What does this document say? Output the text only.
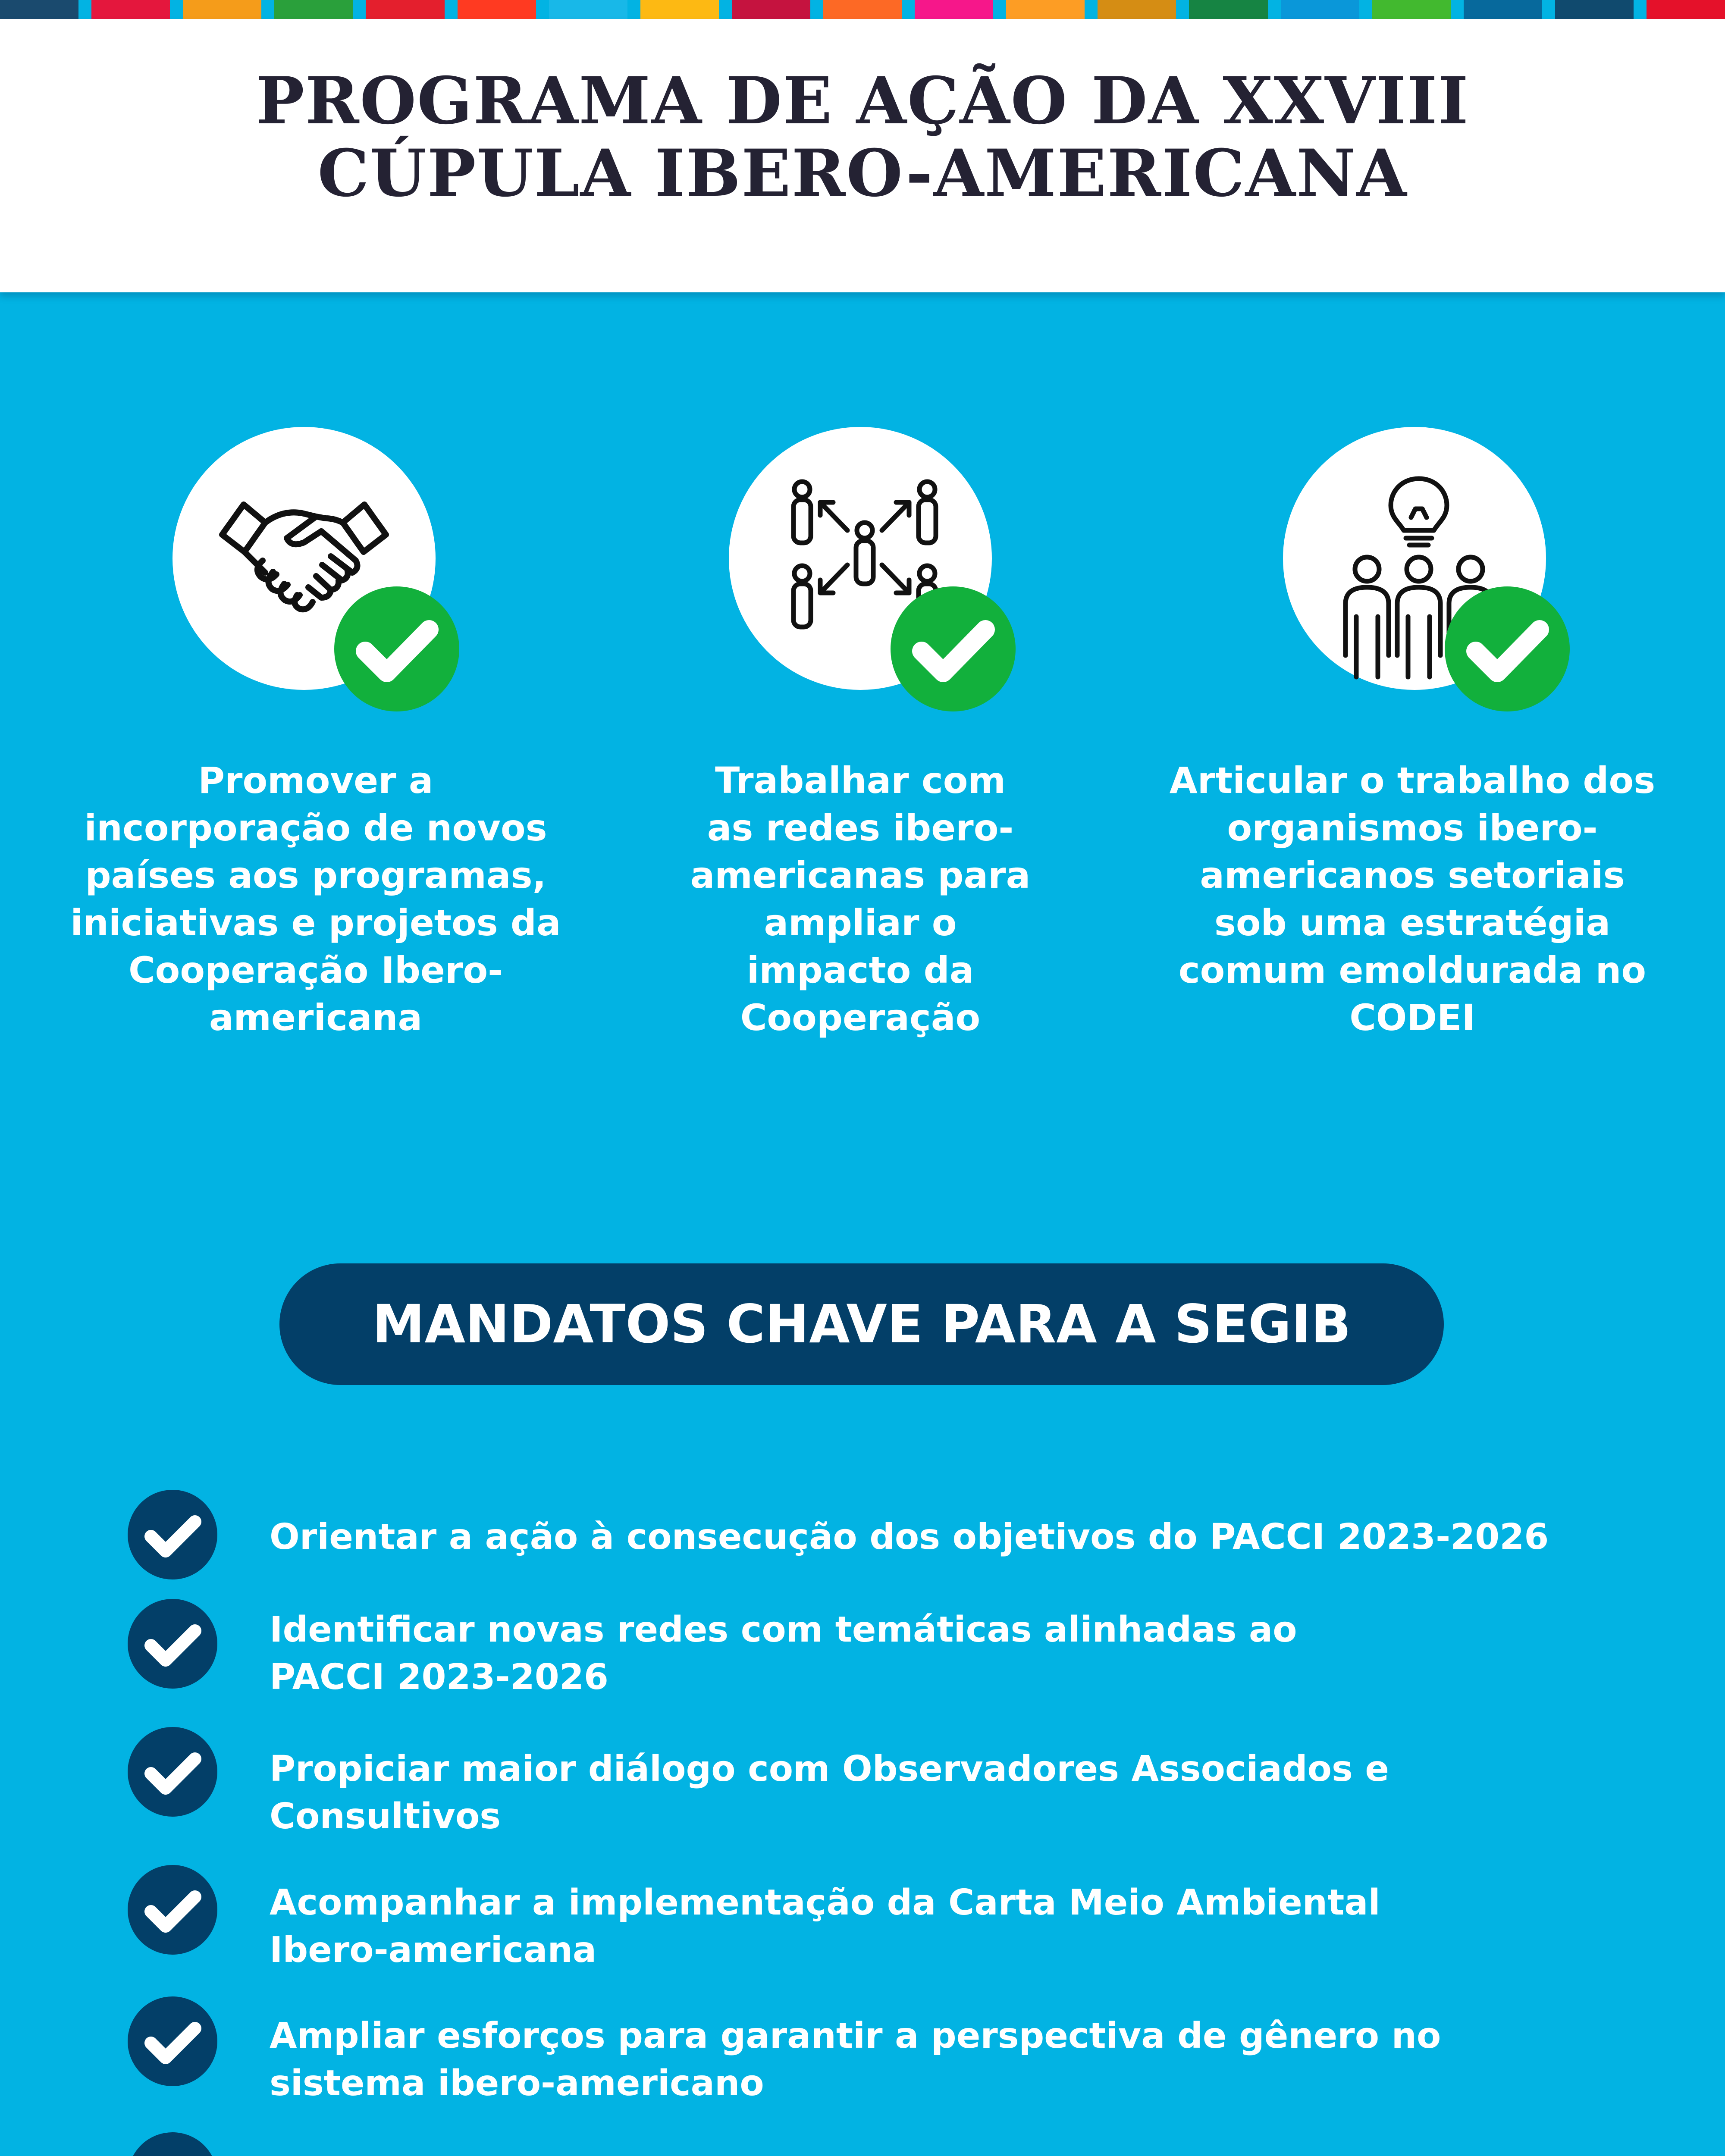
PROGRAMA DE AÇÃO DA XXVIII
CÚPULA IBERO-AMERICANA
Promover a
incorporação de novos
países aos programas,
iniciativas e projetos da
Cooperação Ibero-
americana
Trabalhar com
as redes ibero-
americanas para
ampliar o
impacto da
Cooperação
Articular o trabalho dos
organismos ibero-
americanos setoriais
sob uma estratégia
comum emoldurada no
CODEI
MANDATOS CHAVE PARA A SEGIB
Orientar a ação à consecução dos objetivos do PACCI 2023-2026
Identificar novas redes com temáticas alinhadas ao
PACCI 2023-2026
Propiciar maior diálogo com Observadores Associados e
Consultivos
Acompanhar a implementação da Carta Meio Ambiental
Ibero-americana
Ampliar esforços para garantir a perspectiva de gênero no
sistema ibero-americano
